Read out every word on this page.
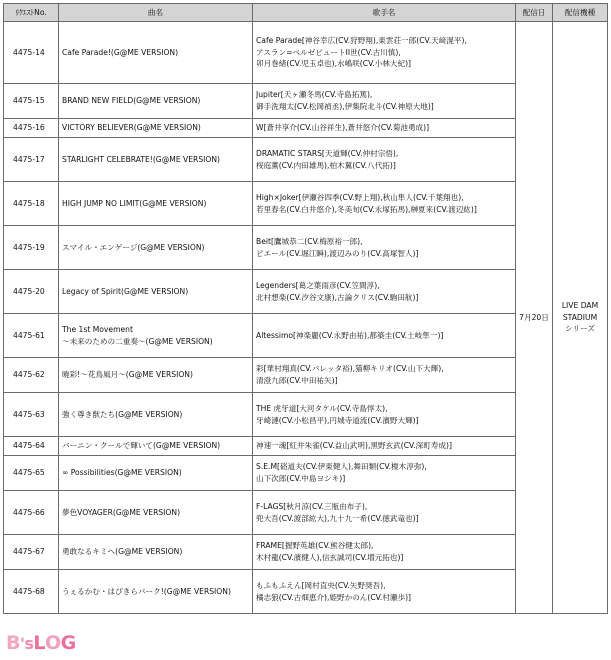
ﾘｸｴｽﾄNo.	曲名	歌手名	配信日	配信機種
4475-14	Cafe Parade!(G@ME VERSION)	Cafe Parade[神谷幸広(CV.狩野翔),東雲荘一郎(CV.天﨑滉平),
アスラン=ベルゼビュートII世(CV.古川慎),
卯月巻緒(CV.児玉卓也),水嶋咲(CV.小林大紀)]	7月20日	LIVE DAM
STADIUM
シリーズ

4475-15	BRAND NEW FIELD(G@ME VERSION)	Jupiter[天ヶ瀬冬馬(CV.寺島拓篤),
御手洗翔太(CV.松岡禎丞),伊集院北斗(CV.神原大地)]		

4475-16	VICTORY BELIEVER(G@ME VERSION)	W[蒼井享介(CV.山谷祥生),蒼井悠介(CV.菊池勇成)]		

4475-17	STARLIGHT CELEBRATE!(G@ME VERSION)	DRAMATIC STARS[天道輝(CV.仲村宗悟),
桜庭薫(CV.内田雄馬),柏木翼(CV.八代拓)]		

4475-18	HIGH JUMP NO LIMIT(G@ME VERSION)	High×Joker[伊瀬谷四季(CV.野上翔),秋山隼人(CV.千葉翔也),
若里春名(CV.白井悠介),冬美旬(CV.永塚拓馬),榊夏来(CV.渡辺紘)]		

4475-19	スマイル・エンゲージ(G@ME VERSION)	Beit[鷹城恭二(CV.梅原裕一郎),
ピエール(CV.堀江瞬),渡辺みのり(CV.高塚智人)]		

4475-20	Legacy of Spirit(G@ME VERSION)	Legenders[葛之葉雨彦(CV.笠間淳),
北村想楽(CV.汐谷文康),古論クリス(CV.駒田航)]		

4475-61	The 1st Movement
～未来のための二重奏～(G@ME VERSION)	Altessimo[神楽麗(CV.永野由祐),都築圭(CV.土岐隼一)]		

4475-62	曉彩!～花鳥風月～(G@ME VERSION)	彩[華村翔真(CV.バレッタ裕),猫柳キリオ(CV.山下大輝),
清澄九郎(CV.中田祐矢)]		

4475-63	強く尊き獣たち(G@ME VERSION)	THE 虎牙道[大河タケル(CV.寺島惇太),
牙崎漣(CV.小松昌平),円城寺道流(CV.濱野大輝)]		

4475-64	バーニン・クールで輝いて(G@ME VERSION)	神速一魂[紅井朱雀(CV.益山武明),黒野玄武(CV.深町寿成)]		

4475-65	∞ Possibilities(G@ME VERSION)	S.E.M[硲道夫(CV.伊東健人),舞田類(CV.榎木淳弥),
山下次郎(CV.中島ヨシキ)]		

4475-66	夢色VOYAGER(G@ME VERSION)	F-LAGS[秋月涼(CV.三瓶由布子),
兜大吾(CV.渡部紘大),九十九一希(CV.徳武竜也)]		

4475-67	勇敢なるキミへ(G@ME VERSION)	FRAME[握野英雄(CV.熊谷健太郎),
木村龍(CV.濱健人),信玄誠司(CV.増元拓也)]		

4475-68	うぇるかむ・はぴきらパーク!(G@ME VERSION)	もふもふえん[岡村直央(CV.矢野奨吾),
橘志狼(CV.古畑恵介),姫野かのん(CV.村瀬歩)]		
B 's L O G
